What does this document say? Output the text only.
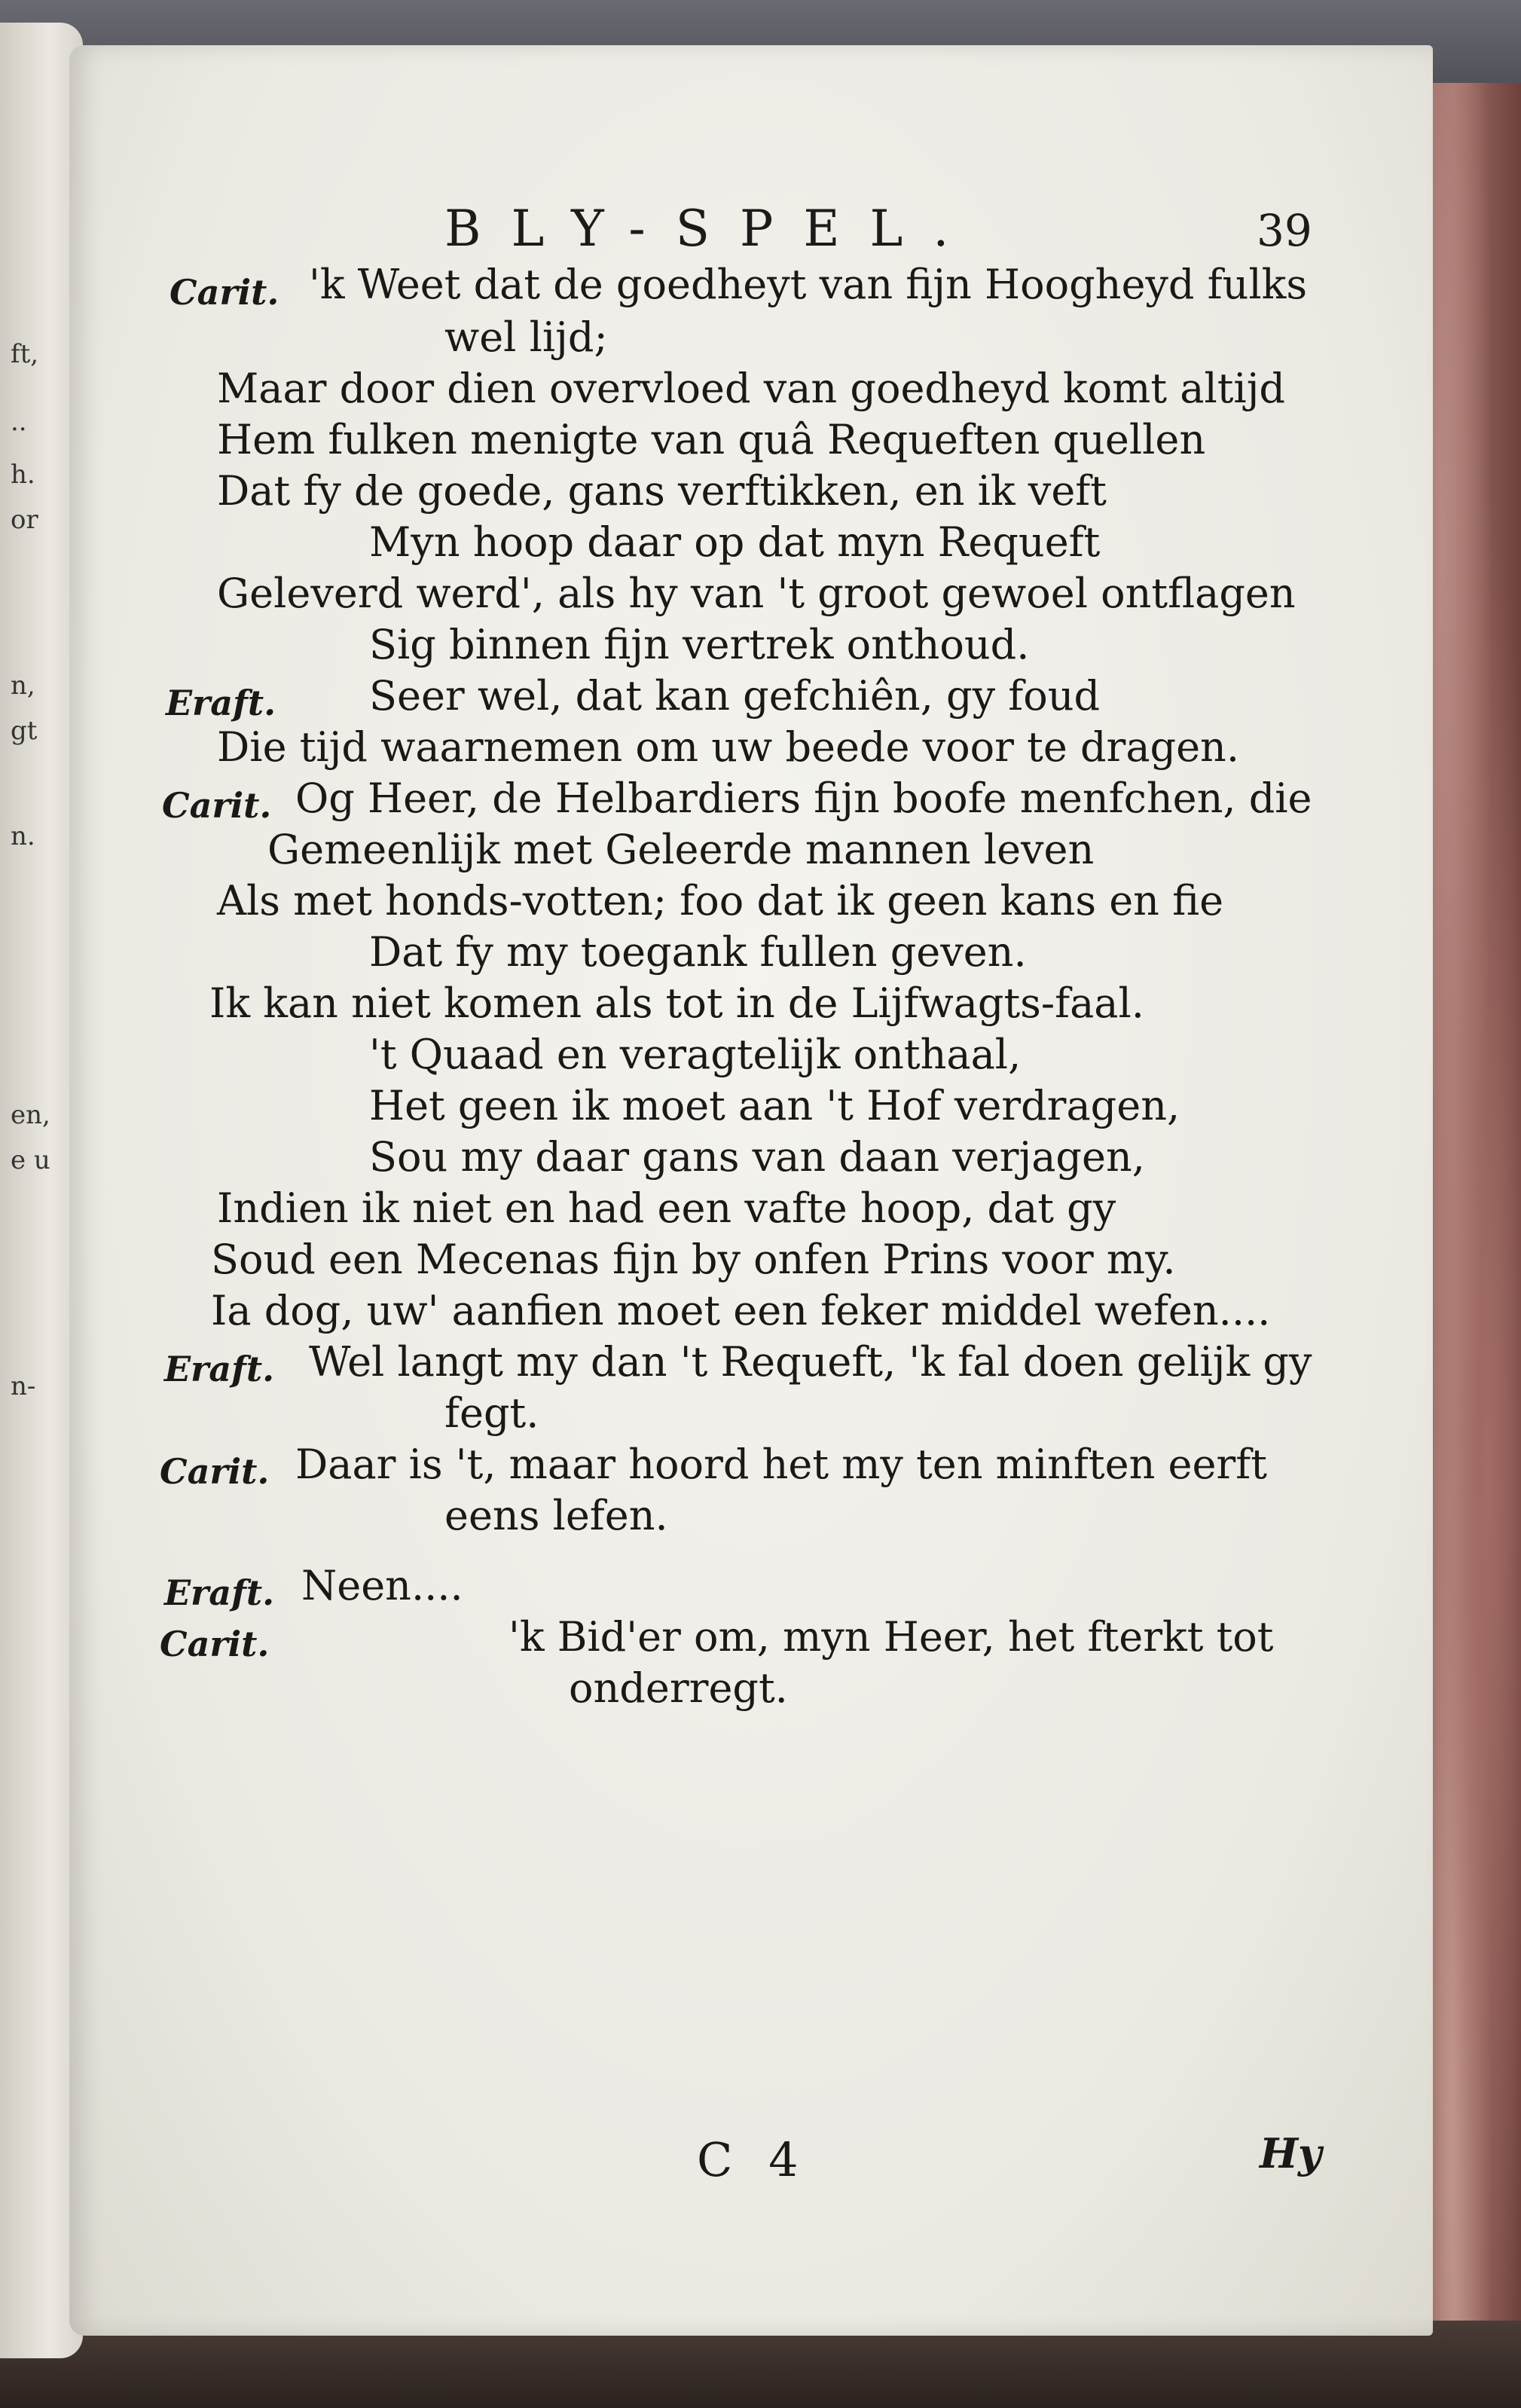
ft,
..
h.
or
n,
gt
n.
en,
e u
n-
BLY-SPEL.	39
Carit. 'k Weet dat de goedheyt van fijn Hoogheyd fulks
wel lijd;
Maar door dien overvloed van goedheyd komt altijd
Hem fulken menigte van quâ Requeften quellen
Dat fy de goede, gans verftikken, en ik veft
Myn hoop daar op dat myn Requeft
Geleverd werd', als hy van 't groot gewoel ontflagen
Sig binnen fijn vertrek onthoud.
Eraft. Seer wel, dat kan gefchiên, gy foud
Die tijd waarnemen om uw beede voor te dragen.
Carit. Og Heer, de Helbardiers fijn boofe menfchen, die
Gemeenlijk met Geleerde mannen leven
Als met honds-votten; foo dat ik geen kans en fie
Dat fy my toegank fullen geven.
Ik kan niet komen als tot in de Lijfwagts-faal.
't Quaad en veragtelijk onthaal,
Het geen ik moet aan 't Hof verdragen,
Sou my daar gans van daan verjagen,
Indien ik niet en had een vafte hoop, dat gy
Soud een Mecenas fijn by onfen Prins voor my.
Ia dog, uw' aanfien moet een feker middel wefen....
Eraft. Wel langt my dan 't Requeft, 'k fal doen gelijk gy
fegt.
Carit. Daar is 't, maar hoord het my ten minften eerft
eens lefen.
Eraft. Neen....
Carit.	'k Bid'er om, myn Heer, het fterkt tot
onderregt.
C 4	Hy
